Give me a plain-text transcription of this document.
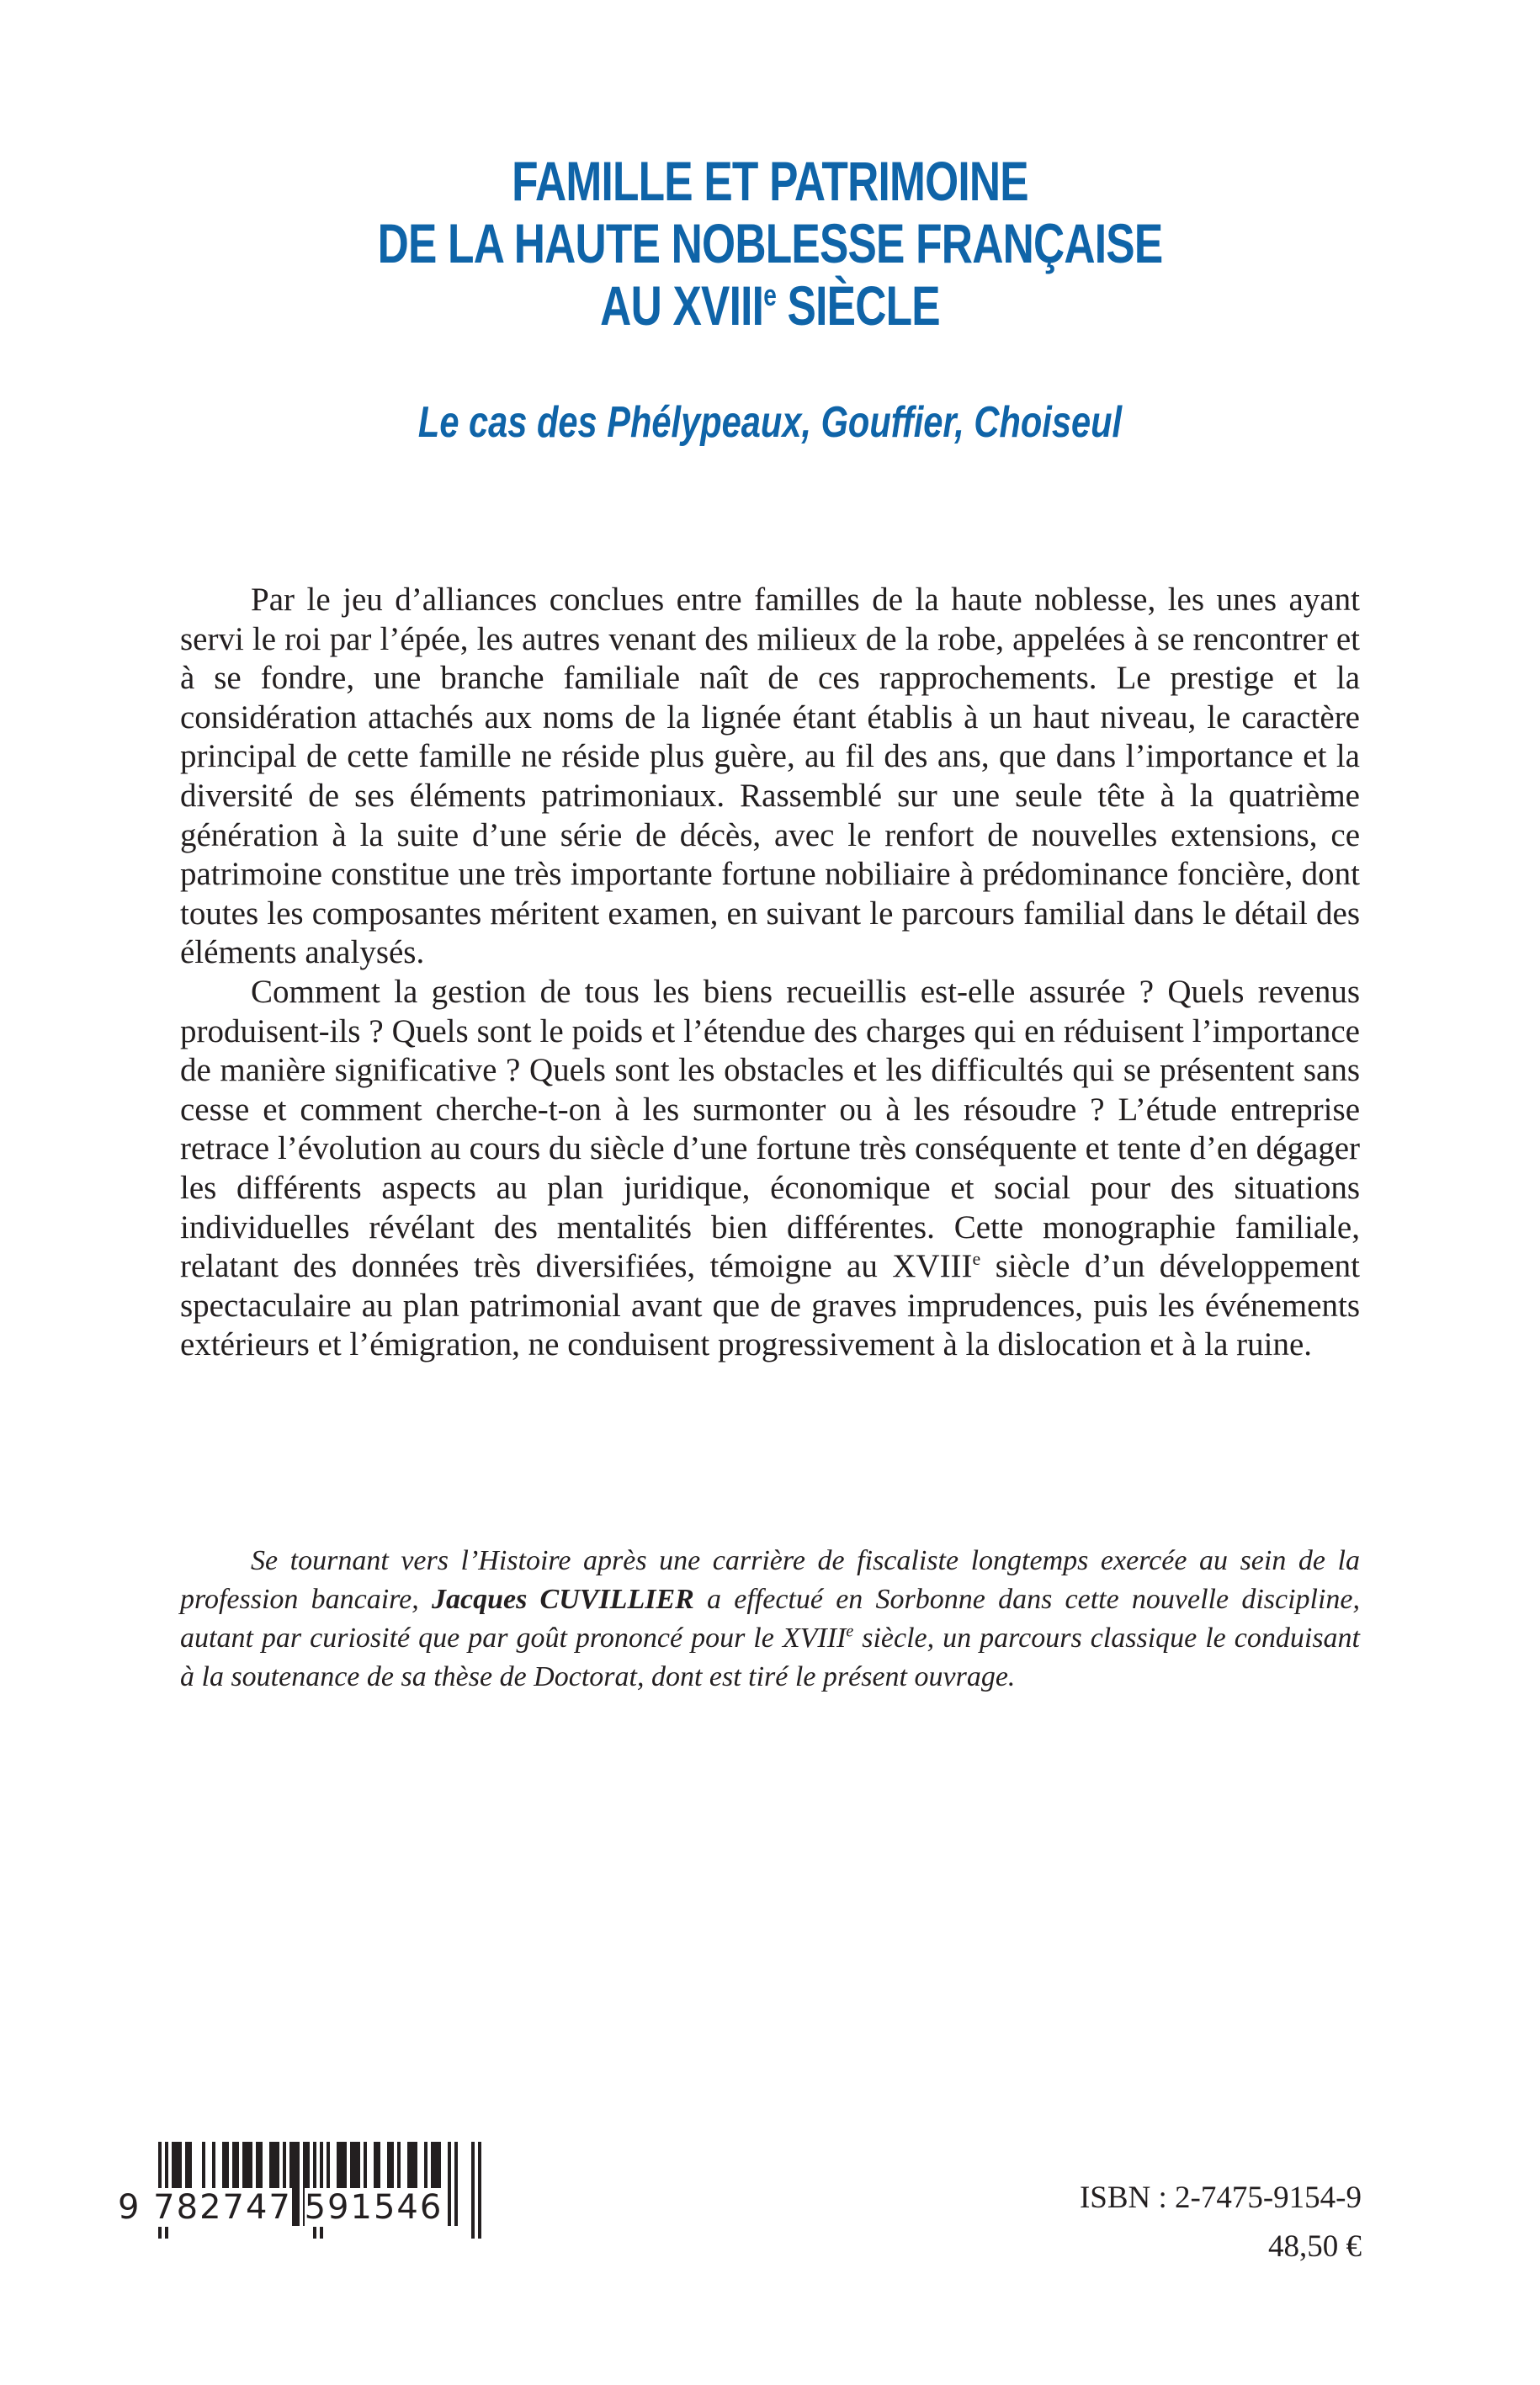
FAMILLE ET PATRIMOINE
DE LA HAUTE NOBLESSE FRANÇAISE
AU XVIIIe SIÈCLE
Le cas des Phélypeaux, Gouffier, Choiseul

Par le jeu d’alliances conclues entre familles de la haute noblesse, les unes ayant servi le roi par l’épée, les autres venant des milieux de la robe, appelées à se rencontrer et à se fondre, une branche familiale naît de ces rapprochements. Le prestige et la considération attachés aux noms de la lignée étant établis à un haut niveau, le caractère principal de cette famille ne réside plus guère, au fil des ans, que dans l’importance et la diversité de ses éléments patrimoniaux. Rassemblé sur une seule tête à la quatrième génération à la suite d’une série de décès, avec le renfort de nouvelles extensions, ce patrimoine constitue une très importante fortune nobiliaire à prédominance foncière, dont toutes les composantes méritent examen, en suivant le parcours familial dans le détail des éléments analysés.

Comment la gestion de tous les biens recueillis est-elle assurée ? Quels revenus produisent-ils ? Quels sont le poids et l’étendue des charges qui en réduisent l’importance de manière significative ? Quels sont les obstacles et les difficultés qui se présentent sans cesse et comment cherche-t-on à les surmonter ou à les résoudre ? L’étude entreprise retrace l’évolution au cours du siècle d’une fortune très conséquente et tente d’en dégager les différents aspects au plan juridique, économique et social pour des situations individuelles révélant des mentalités bien différentes. Cette monographie familiale, relatant des données très diversifiées, témoigne au XVIIIe siècle d’un développement spectaculaire au plan patrimonial avant que de graves imprudences, puis les événements extérieurs et l’émigration, ne conduisent progressivement à la dislocation et à la ruine.

Se tournant vers l’Histoire après une carrière de fiscaliste longtemps exercée au sein de la profession bancaire, Jacques CUVILLIER a effectué en Sorbonne dans cette nouvelle discipline, autant par curiosité que par goût prononcé pour le XVIIIe siècle, un parcours classique le conduisant à la soutenance de sa thèse de Doctorat, dont est tiré le présent ouvrage.

9 782747 591546	ISBN : 2-7475-9154-9
48,50 €
